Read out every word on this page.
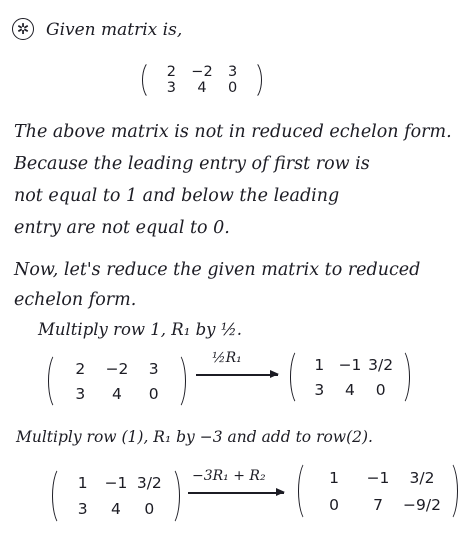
✲ Given matrix is,
2 −2 3
3 4 0
The above matrix is not in reduced echelon form.
Because the leading entry of first row is
not equal to 1 and below the leading
entry are not equal to 0.
Now, let's reduce the given matrix to reduced
echelon form.
Multiply row 1, R₁ by ½.
2 −2 3
3 4 0
½R₁	1 −1 3/2
3 4 0
Multiply row (1), R₁ by −3 and add to row(2).
1 −1 3/2
3 4 0
−3R₁ + R₂	1 −1 3/2
0 7 −9/2
